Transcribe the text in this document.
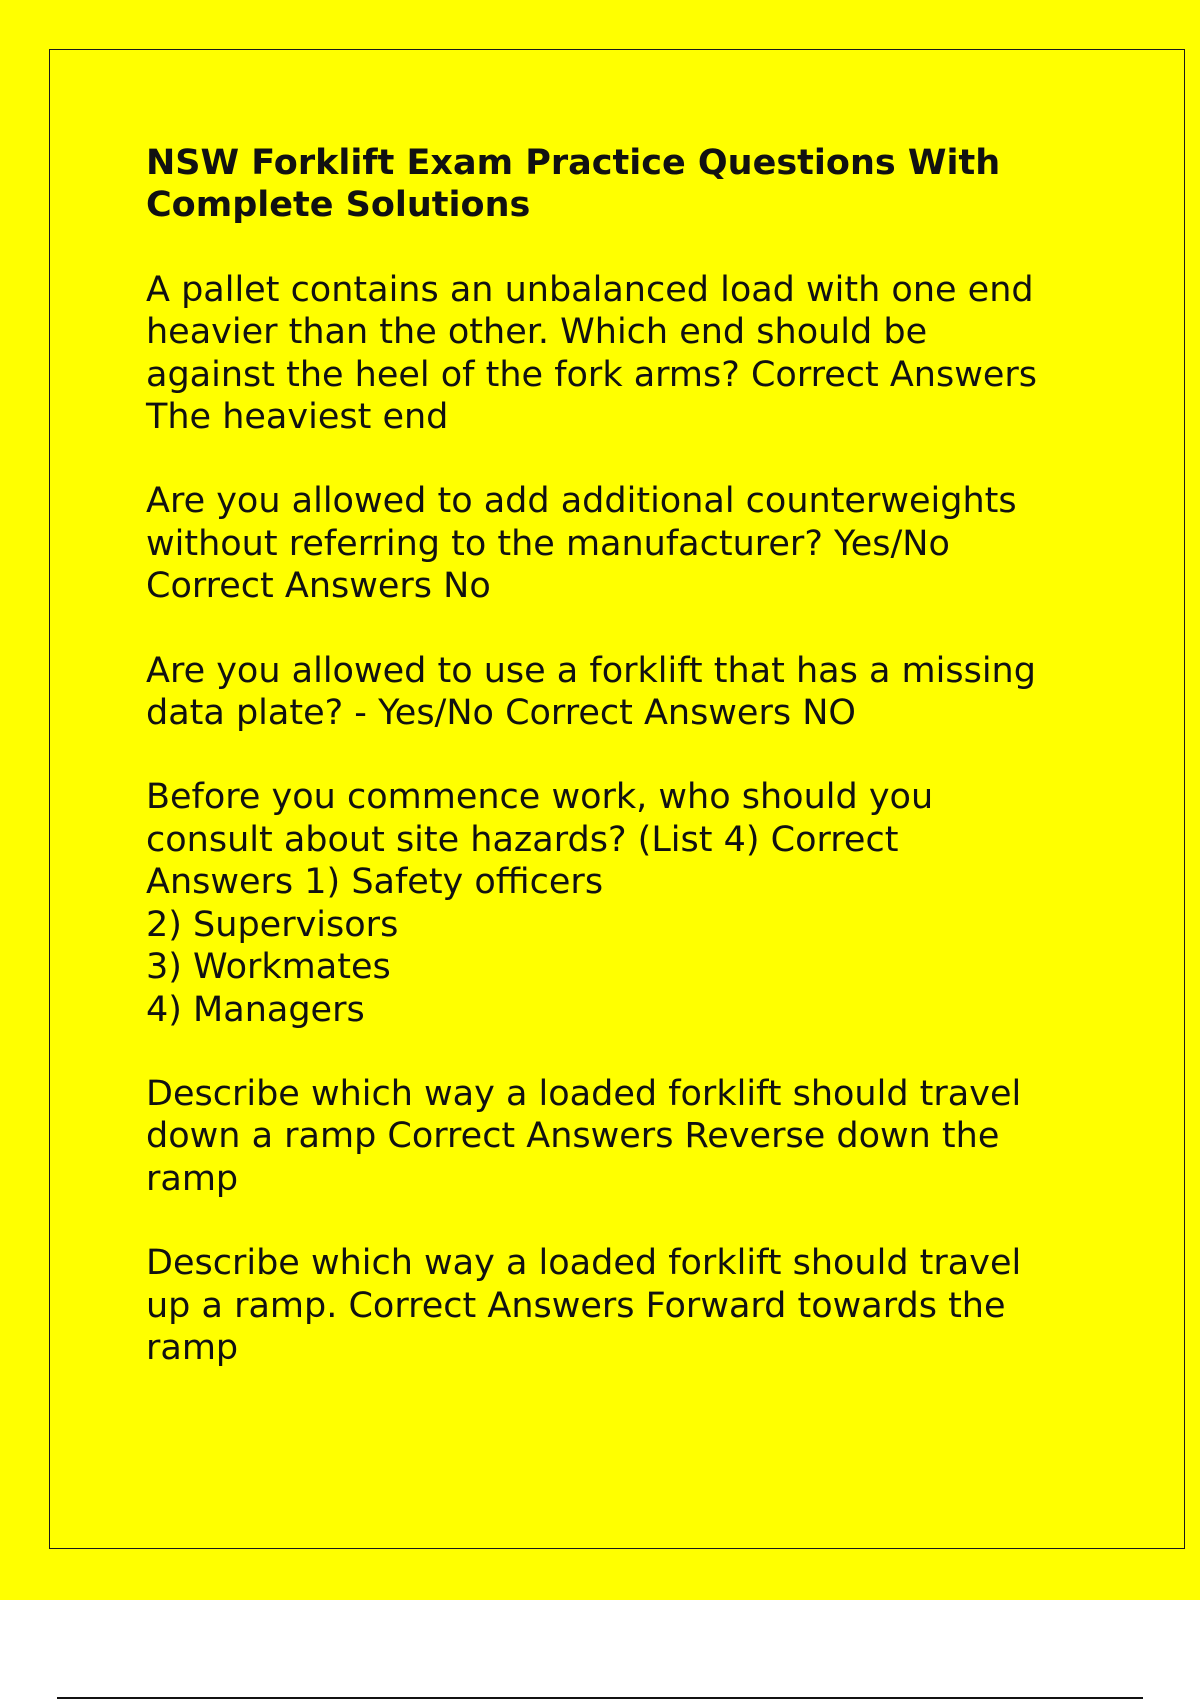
NSW Forklift Exam Practice Questions With
Complete Solutions
A pallet contains an unbalanced load with one end
heavier than the other. Which end should be
against the heel of the fork arms? Correct Answers
The heaviest end
Are you allowed to add additional counterweights
without referring to the manufacturer? Yes/No
Correct Answers No
Are you allowed to use a forklift that has a missing
data plate? - Yes/No Correct Answers NO
Before you commence work, who should you
consult about site hazards? (List 4) Correct
Answers 1) Safety officers
2) Supervisors
3) Workmates
4) Managers
Describe which way a loaded forklift should travel
down a ramp Correct Answers Reverse down the
ramp
Describe which way a loaded forklift should travel
up a ramp. Correct Answers Forward towards the
ramp
